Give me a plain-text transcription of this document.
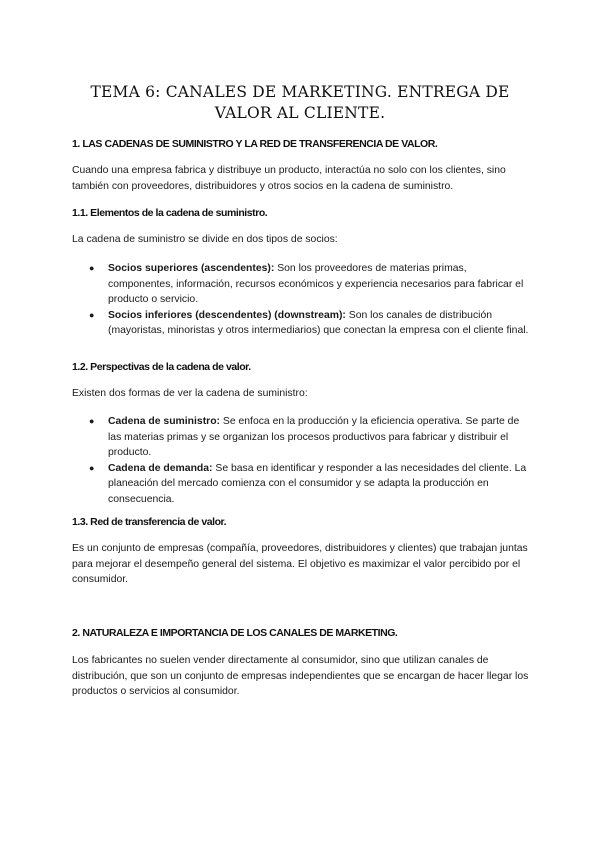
TEMA 6: CANALES DE MARKETING. ENTREGA DE
VALOR AL CLIENTE.
1. LAS CADENAS DE SUMINISTRO Y LA RED DE TRANSFERENCIA DE VALOR.
Cuando una empresa fabrica y distribuye un producto, interactúa no solo con los clientes, sino también con proveedores, distribuidores y otros socios en la cadena de suministro.
1.1. Elementos de la cadena de suministro.
La cadena de suministro se divide en dos tipos de socios:
● Socios superiores (ascendentes): Son los proveedores de materias primas, componentes, información, recursos económicos y experiencia necesarios para fabricar el producto o servicio.
● Socios inferiores (descendentes) (downstream): Son los canales de distribución (mayoristas, minoristas y otros intermediarios) que conectan la empresa con el cliente final.
1.2. Perspectivas de la cadena de valor.
Existen dos formas de ver la cadena de suministro:
● Cadena de suministro: Se enfoca en la producción y la eficiencia operativa. Se parte de las materias primas y se organizan los procesos productivos para fabricar y distribuir el producto.
● Cadena de demanda: Se basa en identificar y responder a las necesidades del cliente. La planeación del mercado comienza con el consumidor y se adapta la producción en consecuencia.
1.3. Red de transferencia de valor.
Es un conjunto de empresas (compañía, proveedores, distribuidores y clientes) que trabajan juntas para mejorar el desempeño general del sistema. El objetivo es maximizar el valor percibido por el consumidor.
2. NATURALEZA E IMPORTANCIA DE LOS CANALES DE MARKETING.
Los fabricantes no suelen vender directamente al consumidor, sino que utilizan canales de distribución, que son un conjunto de empresas independientes que se encargan de hacer llegar los productos o servicios al consumidor.
